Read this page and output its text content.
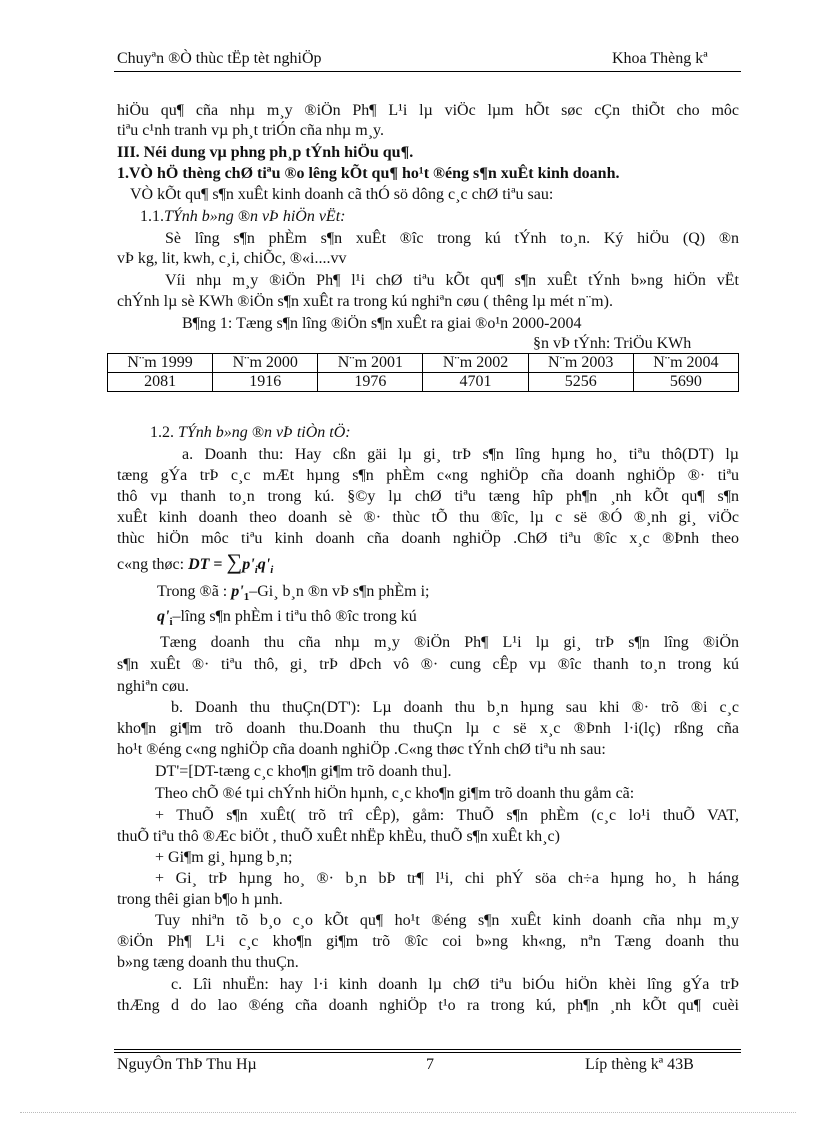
Chuyªn ®Ò thùc tËp tèt nghiÖp	Khoa Thèng kª
hiÖu qu¶ cña nhµ m¸y ®iÖn Ph¶ L¹i lµ viÖc lµm hÕt søc cÇn thiÕt cho môc
tiªu c¹nh tranh vµ ph¸t triÓn cña nhµ m¸y.
III. Néi dung vµ phng ph¸p tÝnh hiÖu qu¶.
1.VÒ hÖ thèng chØ tiªu ®o lêng kÕt qu¶ ho¹t ®éng s¶n xuÊt kinh doanh.
VÒ kÕt qu¶ s¶n xuÊt kinh doanh cã thÓ sö dông c¸c chØ tiªu sau:
1.1.TÝnh b»ng ®n vÞ hiÖn vËt:
Sè lîng s¶n phÈm s¶n xuÊt ®îc trong kú tÝnh to¸n. Ký hiÖu (Q) ®n
vÞ kg, lit, kwh, c¸i, chiÕc, ®«i....vv
Víi nhµ m¸y ®iÖn Ph¶ l¹i chØ tiªu kÕt qu¶ s¶n xuÊt tÝnh b»ng hiÖn vËt
chÝnh lµ sè KWh ®iÖn s¶n xuÊt ra trong kú nghiªn cøu ( thêng lµ mét n¨m).
B¶ng 1: Tæng s¶n lîng ®iÖn s¶n xuÊt ra giai ®o¹n 2000-2004
§n vÞ tÝnh: TriÖu KWh
N¨m 1999	N¨m 2000	N¨m 2001	N¨m 2002	N¨m 2003	N¨m 2004
2081	1916	1976	4701	5256	5690
1.2. TÝnh b»ng ®n vÞ tiÒn tÖ:
a. Doanh thu: Hay cßn gäi lµ gi¸ trÞ s¶n lîng hµng ho¸ tiªu thô(DT) lµ
tæng gÝa trÞ c¸c mÆt hµng s¶n phÈm c«ng nghiÖp cña doanh nghiÖp ®· tiªu
thô vµ thanh to¸n trong kú. §©y lµ chØ tiªu tæng hîp ph¶n ¸nh kÕt qu¶ s¶n
xuÊt kinh doanh theo doanh sè ®· thùc tÕ thu ®îc, lµ c së ®Ó ®¸nh gi¸ viÖc
thùc hiÖn môc tiªu kinh doanh cña doanh nghiÖp .ChØ tiªu ®îc x¸c ®Þnh theo
c«ng thøc: DT = $\sum p'_iq'_i$
Trong ®ã : $p'_1-Gi¸$ b¸n ®n vÞ s¶n phÈm i;
$q'_i$–lîng s¶n phÈm i tiªu thô ®îc trong kú
Tæng doanh thu cña nhµ m¸y ®iÖn Ph¶ L¹i lµ gi¸ trÞ s¶n lîng ®iÖn
s¶n xuÊt ®· tiªu thô, gi¸ trÞ dÞch vô ®· cung cÊp vµ ®îc thanh to¸n trong kú
nghiªn cøu.
b. Doanh thu thuÇn(DT'): Lµ doanh thu b¸n hµng sau khi ®· trõ ®i c¸c
kho¶n gi¶m trõ doanh thu.Doanh thu thuÇn lµ c së x¸c ®Þnh l·i(lç) rßng cña
ho¹t ®éng c«ng nghiÖp cña doanh nghiÖp .C«ng thøc tÝnh chØ tiªu nh sau:
DT'=[DT-tæng c¸c kho¶n gi¶m trõ doanh thu].
Theo chÕ ®é tµi chÝnh hiÖn hµnh, c¸c kho¶n gi¶m trõ doanh thu gåm cã:
+ ThuÕ s¶n xuÊt( trõ trî cÊp), gåm: ThuÕ s¶n phÈm (c¸c lo¹i thuÕ VAT,
thuÕ tiªu thô ®Æc biÖt , thuÕ xuÊt nhËp khÈu, thuÕ s¶n xuÊt kh¸c)
+ Gi¶m gi¸ hµng b¸n;
+ Gi¸ trÞ hµng ho¸ ®· b¸n bÞ tr¶ l¹i, chi phÝ söa ch÷a hµng ho¸ h háng
trong thêi gian b¶o h µnh.
Tuy nhiªn tõ b¸o c¸o kÕt qu¶ ho¹t ®éng s¶n xuÊt kinh doanh cña nhµ m¸y
®iÖn Ph¶ L¹i c¸c kho¶n gi¶m trõ ®îc coi b»ng kh«ng, nªn Tæng doanh thu
b»ng tæng doanh thu thuÇn.
c. Lîi nhuËn: hay l·i kinh doanh lµ chØ tiªu biÓu hiÖn khèi lîng gÝa trÞ
thÆng d do lao ®éng cña doanh nghiÖp t¹o ra trong kú, ph¶n ¸nh kÕt qu¶ cuèi
NguyÔn ThÞ Thu Hµ	7	Líp thèng kª 43B
